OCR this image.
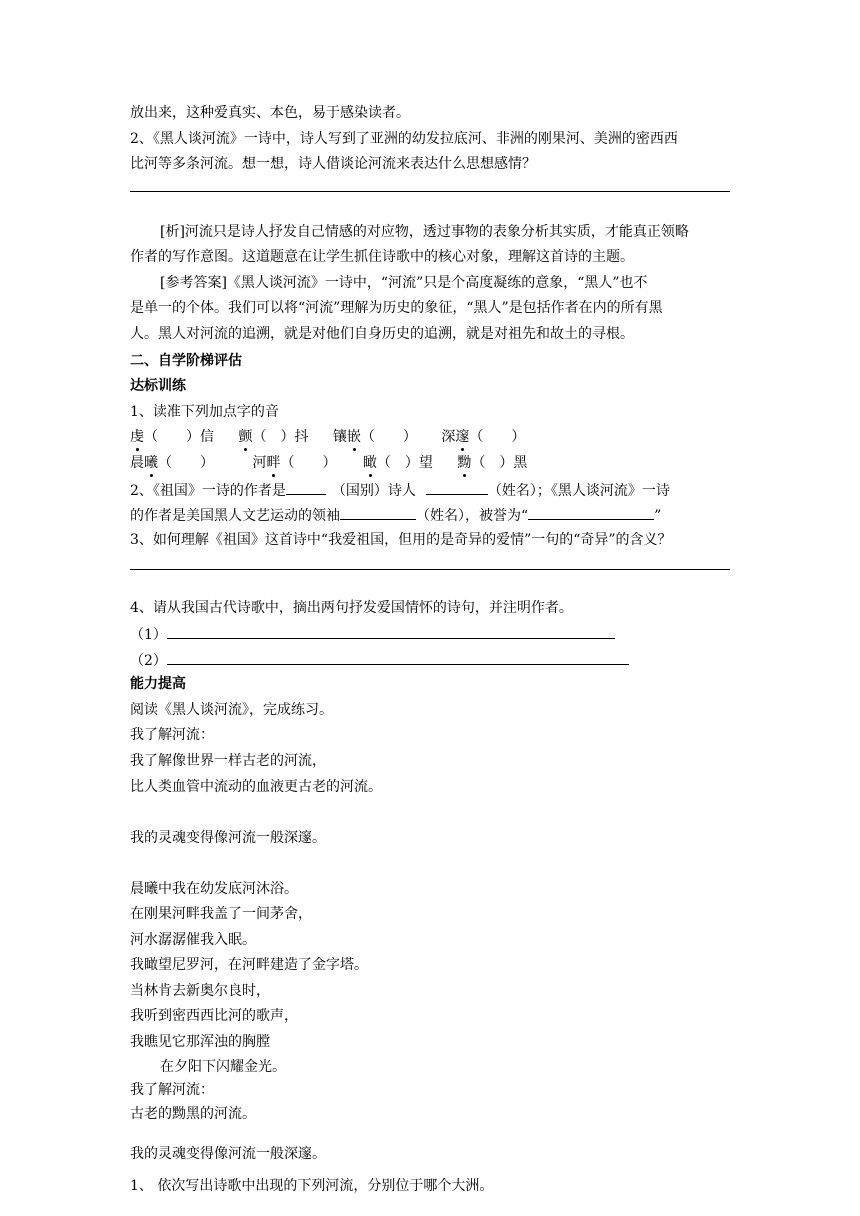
放出来，这种爱真实、本色，易于感染读者。
2、《黑人谈河流》一诗中，诗人写到了亚洲的幼发拉底河、非洲的刚果河、美洲的密西西
比河等多条河流。想一想，诗人借谈论河流来表达什么思想感情？
[析]河流只是诗人抒发自己情感的对应物，透过事物的表象分析其实质，才能真正领略
作者的写作意图。这道题意在让学生抓住诗歌中的核心对象，理解这首诗的主题。
[参考答案]《黑人谈河流》一诗中，“河流”只是个高度凝练的意象，“黑人”也不
是单一的个体。我们可以将“河流”理解为历史的象征，“黑人”是包括作者在内的所有黑
人。黑人对河流的追溯，就是对他们自身历史的追溯，就是对祖先和故土的寻根。
二、自学阶梯评估
达标训练
1、读准下列加点字的音
虔（　　）信 颤（　）抖 镶嵌（　　） 深邃（　　）
晨曦（　　）	河畔（　　） 瞰（　）望 黝（　）黑
2、《祖国》一诗的作者是	（国别）诗人	（姓名）；《黑人谈河流》一诗
的作者是美国黑人文艺运动的领袖	（姓名），被誉为“	”
3、如何理解《祖国》这首诗中“我爱祖国，但用的是奇异的爱情”一句的“奇异”的含义？
4、请从我国古代诗歌中，摘出两句抒发爱国情怀的诗句，并注明作者。
（1）
（2）
能力提高
阅读《黑人谈河流》，完成练习。
我了解河流：
我了解像世界一样古老的河流，
比人类血管中流动的血液更古老的河流。
我的灵魂变得像河流一般深邃。
晨曦中我在幼发底河沐浴。
在刚果河畔我盖了一间茅舍，
河水潺潺催我入眠。
我瞰望尼罗河，在河畔建造了金字塔。
当林肯去新奥尔良时，
我听到密西西比河的歌声，
我瞧见它那浑浊的胸膛
在夕阳下闪耀金光。
我了解河流：
古老的黝黑的河流。
我的灵魂变得像河流一般深邃。
1、 依次写出诗歌中出现的下列河流，分别位于哪个大洲。
